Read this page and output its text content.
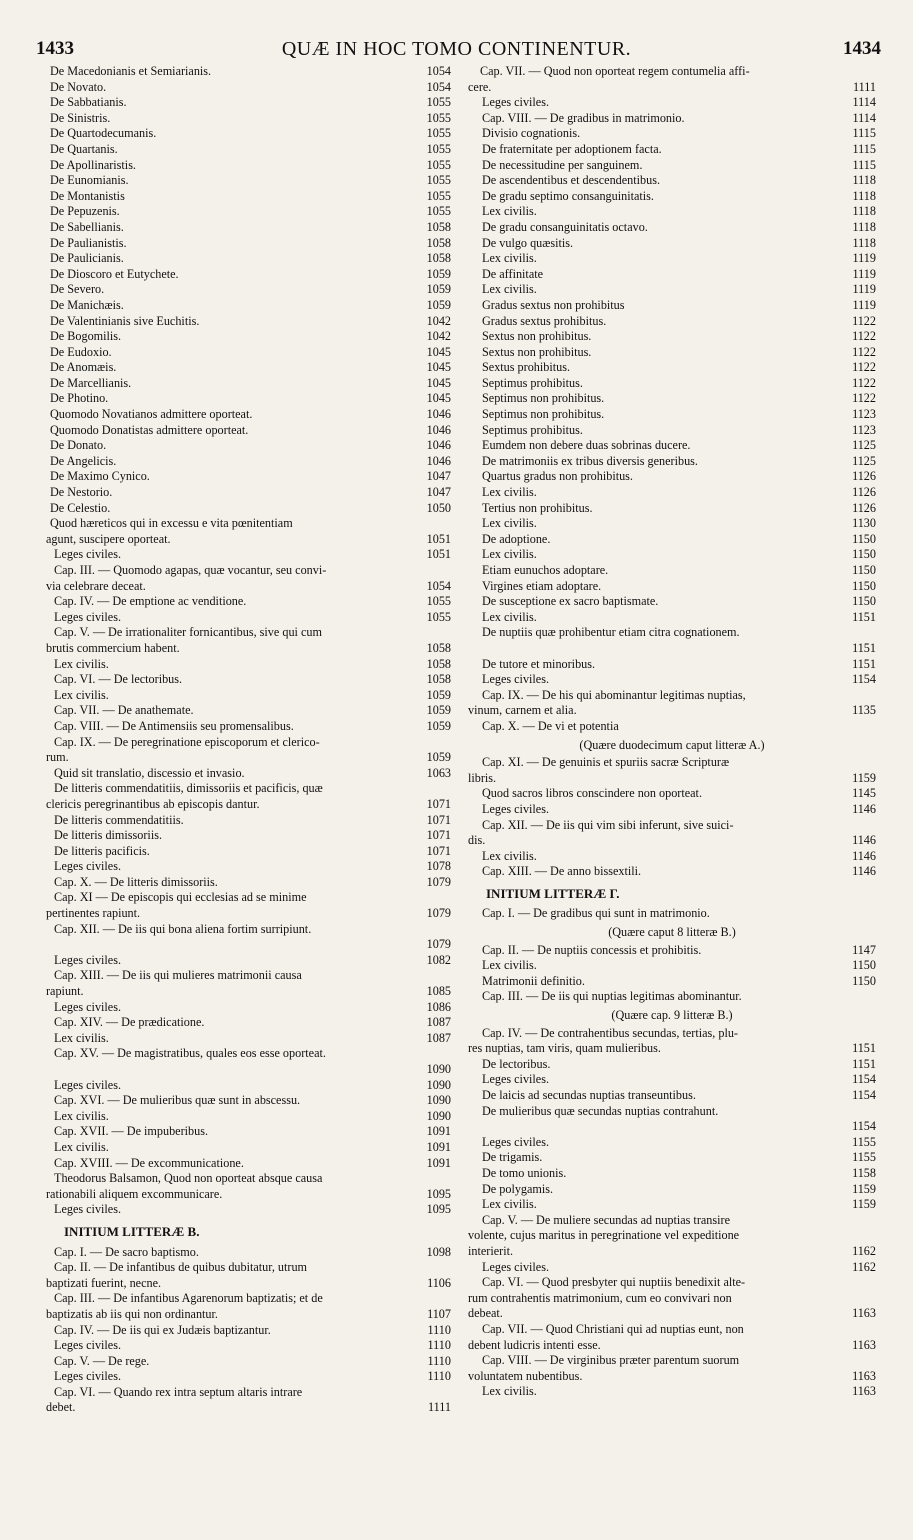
1433	QUÆ IN HOC TOMO CONTINENTUR.	1434
De Macedonianis et Semiarianis.	1054
De Novato.	1054
De Sabbatianis.	1055
De Sinistris.	1055
De Quartodecumanis.	1055
De Quartanis.	1055
De Apollinaristis.	1055
De Eunomianis.	1055
De Montanistis	1055
De Pepuzenis.	1055
De Sabellianis.	1058
De Paulianistis.	1058
De Paulicianis.	1058
De Dioscoro et Eutychete.	1059
De Severo.	1059
De Manichæis.	1059
De Valentinianis sive Euchitis.	1042
De Bogomilis.	1042
De Eudoxio.	1045
De Anomæis.	1045
De Marcellianis.	1045
De Photino.	1045
Quomodo Novatianos admittere oporteat.	1046
Quomodo Donatistas admittere oporteat.	1046
De Donato.	1046
De Angelicis.	1046
De Maximo Cynico.	1047
De Nestorio.	1047
De Celestio.	1050
Quod hæreticos qui in excessu e vita pœnitentiam
agunt, suscipere oporteat.	1051
Leges civiles.	1051
Cap. III. — Quomodo agapas, quæ vocantur, seu convi-
via celebrare deceat.	1054
Cap. IV. — De emptione ac venditione.	1055
Leges civiles.	1055
Cap. V. — De irrationaliter fornicantibus, sive qui cum
brutis commercium habent.	1058
Lex civilis.	1058
Cap. VI. — De lectoribus.	1058
Lex civilis.	1059
Cap. VII. — De anathemate.	1059
Cap. VIII. — De Antimensiis seu promensalibus.	1059
Cap. IX. — De peregrinatione episcoporum et clerico-
rum.	1059
Quid sit translatio, discessio et invasio.	1063
De litteris commendatitiis, dimissoriis et pacificis, quæ
clericis peregrinantibus ab episcopis dantur.	1071
De litteris commendatitiis.	1071
De litteris dimissoriis.	1071
De litteris pacificis.	1071
Leges civiles.	1078
Cap. X. — De litteris dimissoriis.	1079
Cap. XI — De episcopis qui ecclesias ad se minime
pertinentes rapiunt.	1079
Cap. XII. — De iis qui bona aliena fortim surripiunt.
1079
Leges civiles.	1082
Cap. XIII. — De iis qui mulieres matrimonii causa
rapiunt.	1085
Leges civiles.	1086
Cap. XIV. — De prædicatione.	1087
Lex civilis.	1087
Cap. XV. — De magistratibus, quales eos esse oporteat.
1090
Leges civiles.	1090
Cap. XVI. — De mulieribus quæ sunt in abscessu.	1090
Lex civilis.	1090
Cap. XVII. — De impuberibus.	1091
Lex civilis.	1091
Cap. XVIII. — De excommunicatione.	1091
Theodorus Balsamon, Quod non oporteat absque causa
rationabili aliquem excommunicare.	1095
Leges civiles.	1095
INITIUM LITTERÆ B.
Cap. I. — De sacro baptismo.	1098
Cap. II. — De infantibus de quibus dubitatur, utrum
baptizati fuerint, necne.	1106
Cap. III. — De infantibus Agarenorum baptizatis; et de
baptizatis ab iis qui non ordinantur.	1107
Cap. IV. — De iis qui ex Judæis baptizantur.	1110
Leges civiles.	1110
Cap. V. — De rege.	1110
Leges civiles.	1110
Cap. VI. — Quando rex intra septum altaris intrare
debet.	1111
Cap. VII. — Quod non oporteat regem contumelia affi-
cere.	1111
Leges civiles.	1114
Cap. VIII. — De gradibus in matrimonio.	1114
Divisio cognationis.	1115
De fraternitate per adoptionem facta.	1115
De necessitudine per sanguinem.	1115
De ascendentibus et descendentibus.	1118
De gradu septimo consanguinitatis.	1118
Lex civilis.	1118
De gradu consanguinitatis octavo.	1118
De vulgo quæsitis.	1118
Lex civilis.	1119
De affinitate	1119
Lex civilis.	1119
Gradus sextus non prohibitus	1119
Gradus sextus prohibitus.	1122
Sextus non prohibitus.	1122
Sextus non prohibitus.	1122
Sextus prohibitus.	1122
Septimus prohibitus.	1122
Septimus non prohibitus.	1122
Septimus non prohibitus.	1123
Septimus prohibitus.	1123
Eumdem non debere duas sobrinas ducere.	1125
De matrimoniis ex tribus diversis generibus.	1125
Quartus gradus non prohibitus.	1126
Lex civilis.	1126
Tertius non prohibitus.	1126
Lex civilis.	1130
De adoptione.	1150
Lex civilis.	1150
Etiam eunuchos adoptare.	1150
Virgines etiam adoptare.	1150
De susceptione ex sacro baptismate.	1150
Lex civilis.	1151
De nuptiis quæ prohibentur etiam citra cognationem.
1151
De tutore et minoribus.	1151
Leges civiles.	1154
Cap. IX. — De his qui abominantur legitimas nuptias,
vinum, carnem et alia.	1135
Cap. X. — De vi et potentia
(Quære duodecimum caput litteræ A.)
Cap. XI. — De genuinis et spuriis sacræ Scripturæ
libris.	1159
Quod sacros libros conscindere non oporteat.	1145
Leges civiles.	1146
Cap. XII. — De iis qui vim sibi inferunt, sive suici-
dis.	1146
Lex civilis.	1146
Cap. XIII. — De anno bissextili.	1146
INITIUM LITTERÆ Γ.
Cap. I. — De gradibus qui sunt in matrimonio.
(Quære caput 8 litteræ B.)
Cap. II. — De nuptiis concessis et prohibitis.	1147
Lex civilis.	1150
Matrimonii definitio.	1150
Cap. III. — De iis qui nuptias legitimas abominantur.
(Quære cap. 9 litteræ B.)
Cap. IV. — De contrahentibus secundas, tertias, plu-
res nuptias, tam viris, quam mulieribus.	1151
De lectoribus.	1151
Leges civiles.	1154
De laicis ad secundas nuptias transeuntibus.	1154
De mulieribus quæ secundas nuptias contrahunt.
1154
Leges civiles.	1155
De trigamis.	1155
De tomo unionis.	1158
De polygamis.	1159
Lex civilis.	1159
Cap. V. — De muliere secundas ad nuptias transire
volente, cujus maritus in peregrinatione vel expeditione
interierit.	1162
Leges civiles.	1162
Cap. VI. — Quod presbyter qui nuptiis benedixit alte-
rum contrahentis matrimonium, cum eo convivari non
debeat.	1163
Cap. VII. — Quod Christiani qui ad nuptias eunt, non
debent ludicris intenti esse.	1163
Cap. VIII. — De virginibus præter parentum suorum
voluntatem nubentibus.	1163
Lex civilis.	1163
